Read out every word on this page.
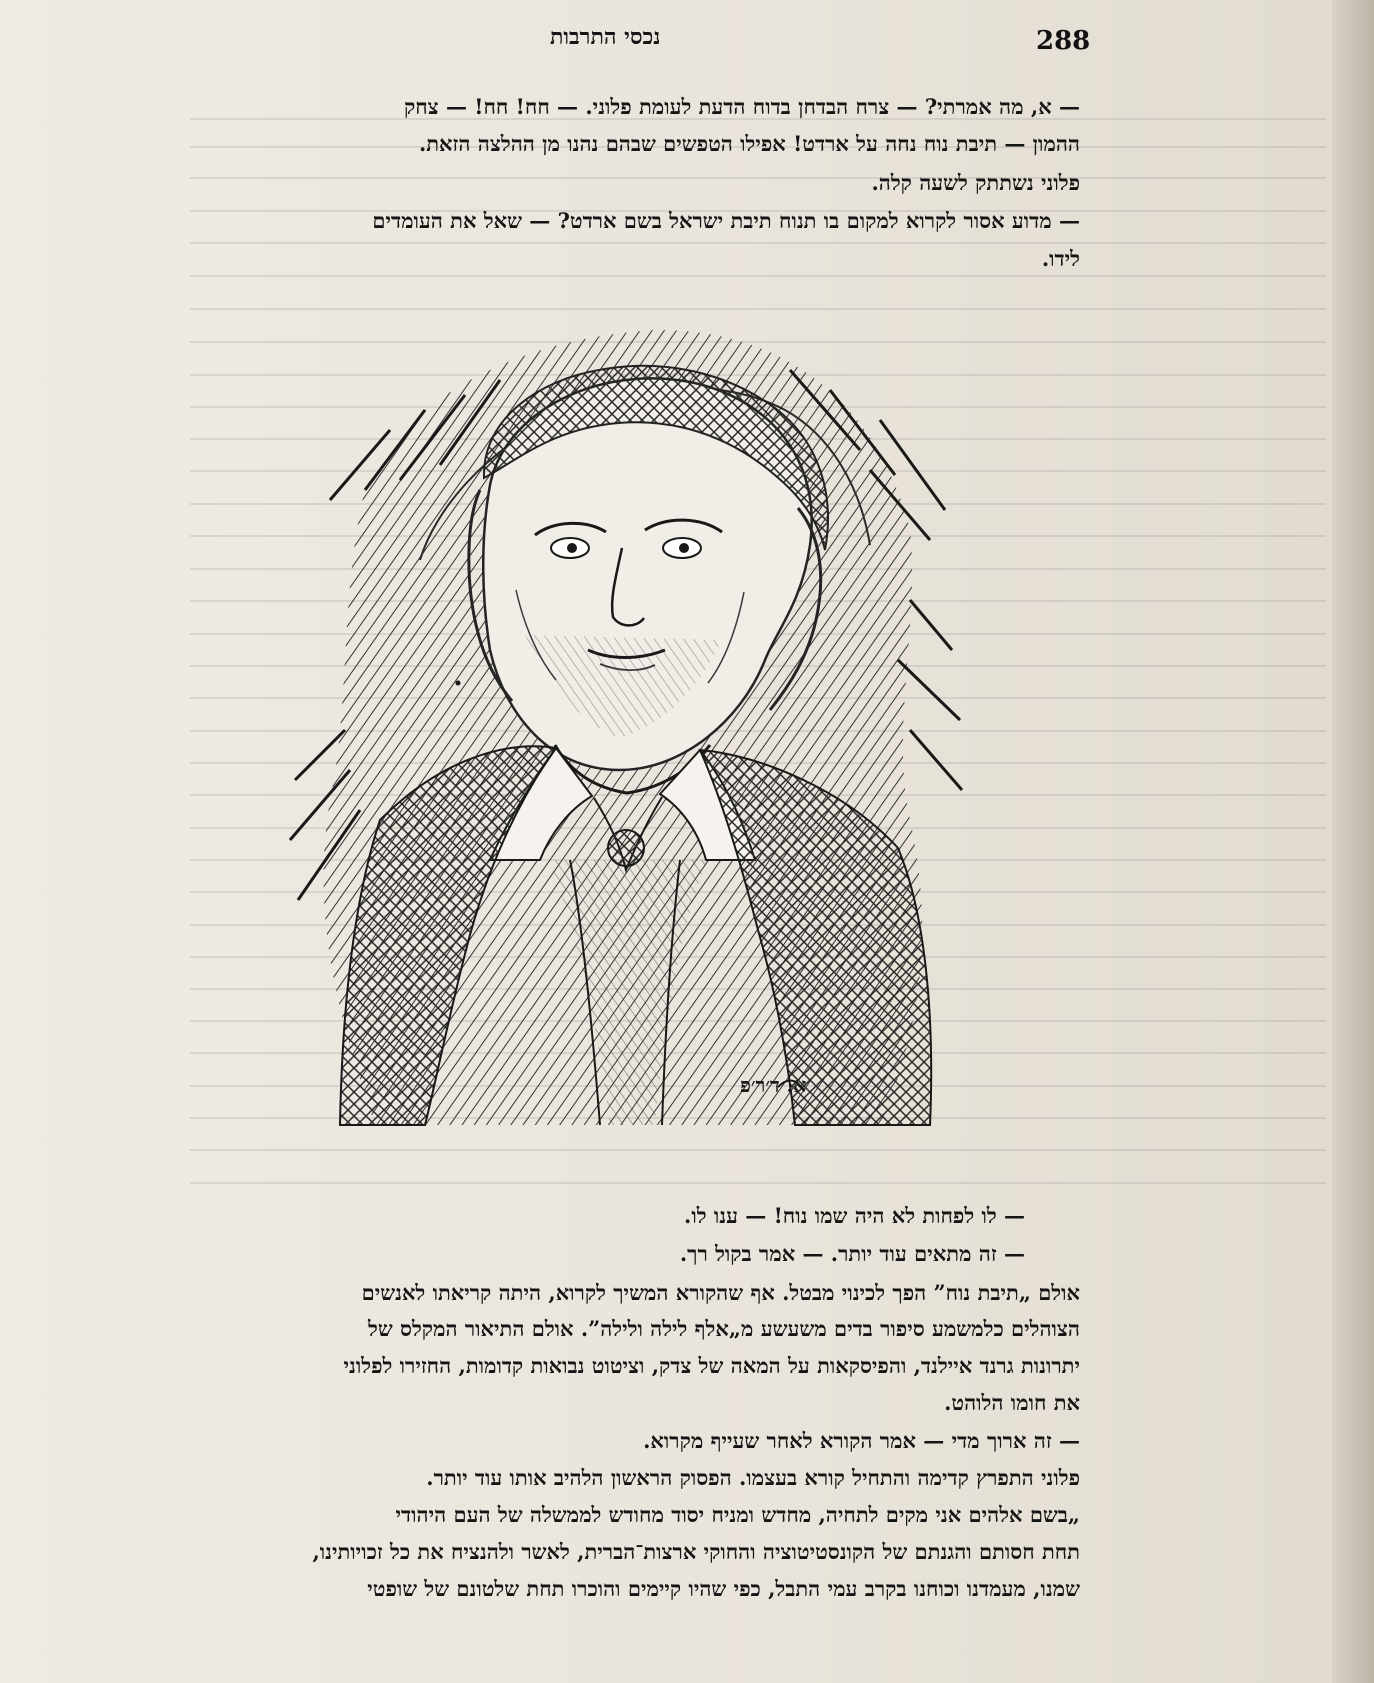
נכסי התרבות	288
— א, מה אמרתי? — צרח הבדחן בדוח הדעת לעומת פלוני. — חח! חח! — צחק
ההמון — תיבת נוח נחה על ארדט! אפילו הטפשים שבהם נהנו מן ההלצה הזאת.
פלוני נשתתק לשעה קלה.
— מדוע אסור לקרוא למקום בו תנוח תיבת ישראל בשם ארדט? — שאל את העומדים
לידו.
א. ד׳ר׳פ
— לו לפחות לא היה שמו נוח! — ענו לו.
— זה מתאים עוד יותר. — אמר בקול רך.
אולם „תיבת נוח” הפך לכינוי מבטל. אף שהקורא המשיך לקרוא, היתה קריאתו לאנשים
הצוהלים כלמשמע סיפור בדים משעשע מ„אלף לילה ולילה”. אולם התיאור המקלס של
יתרונות גרנד איילנד, והפיסקאות על המאה של צדק, וציטוט נבואות קדומות, החזירו לפלוני
את חומו הלוהט.
— זה ארוך מדי — אמר הקורא לאחר שעייף מקרוא.
פלוני התפרץ קדימה והתחיל קורא בעצמו. הפסוק הראשון הלהיב אותו עוד יותר.
„בשם אלהים אני מקים לתחיה, מחדש ומניח יסוד מחודש לממשלה של העם היהודי
תחת חסותם והגנתם של הקונסטיטוציה והחוקי ארצות־הברית, לאשר ולהנציח את כל זכויותינו,
שמנו, מעמדנו וכוחנו בקרב עמי התבל, כפי שהיו קיימים והוכרו תחת שלטונם של שופטי
